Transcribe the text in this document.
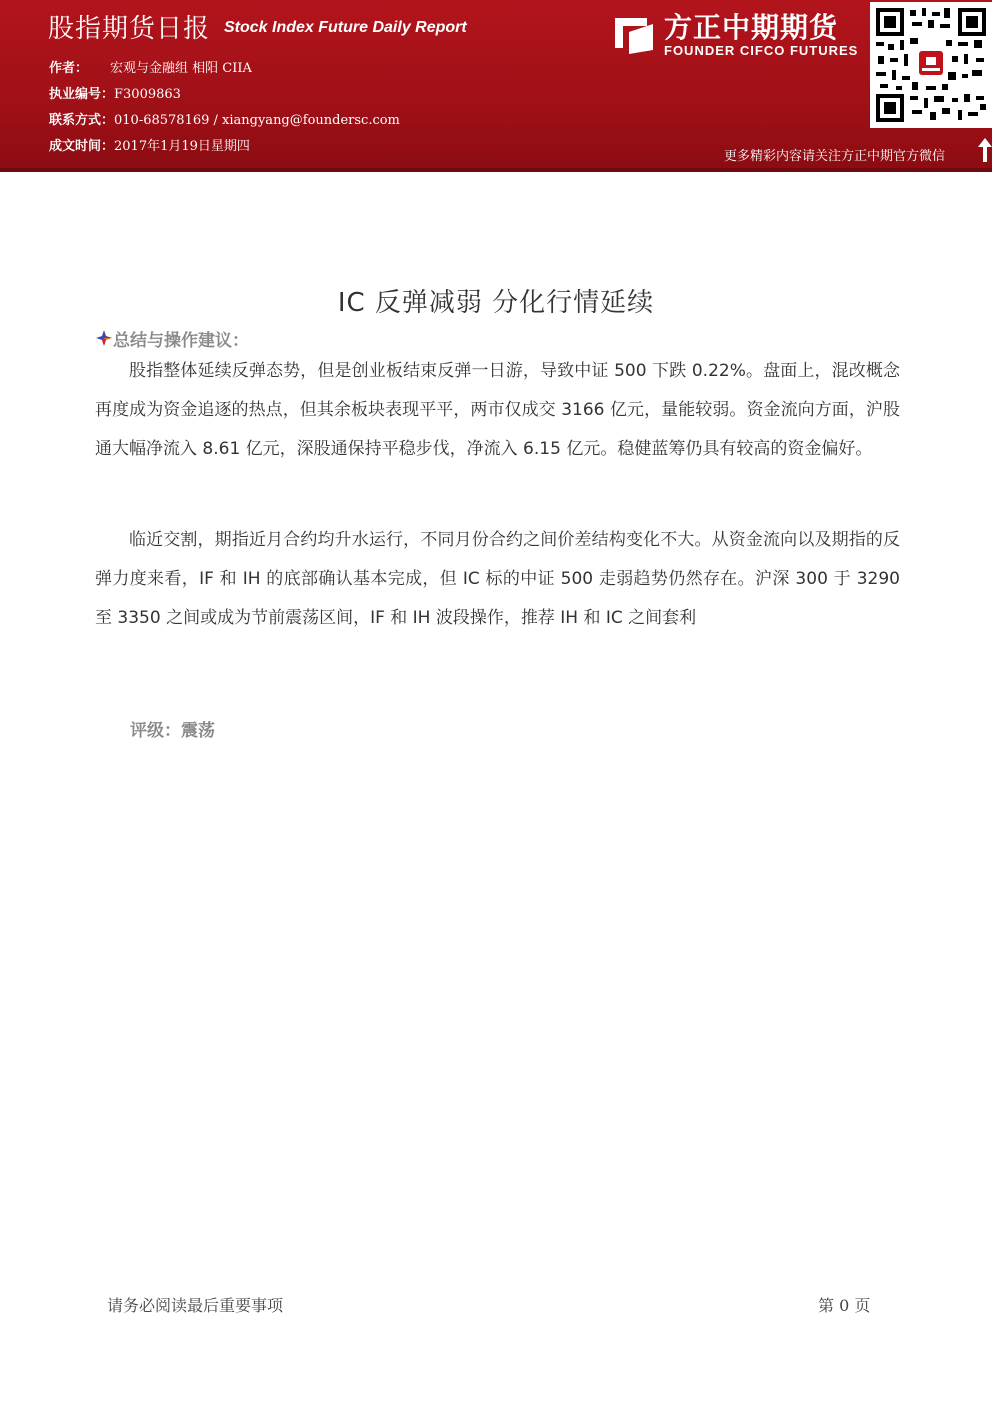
股指期货日报 Stock Index Future Daily Report
作者： 宏观与金融组 相阳 CIIA
执业编号：F3009863
联系方式：010-68578169 / xiangyang@foundersc.com
成文时间：2017年1月19日星期四
方正中期期货
FOUNDER CIFCO FUTURES
更多精彩内容请关注方正中期官方微信
IC 反弹减弱 分化行情延续
总结与操作建议：

股指整体延续反弹态势，但是创业板结束反弹一日游，导致中证 500 下跌 0.22%。盘面上，混改概念再度成为资金追逐的热点，但其余板块表现平平，两市仅成交 3166 亿元，量能较弱。资金流向方面，沪股通大幅净流入 8.61 亿元，深股通保持平稳步伐，净流入 6.15 亿元。稳健蓝筹仍具有较高的资金偏好。

临近交割，期指近月合约均升水运行，不同月份合约之间价差结构变化不大。从资金流向以及期指的反弹力度来看，IF 和 IH 的底部确认基本完成，但 IC 标的中证 500 走弱趋势仍然存在。沪深 300 于 3290 至 3350 之间或成为节前震荡区间，IF 和 IH 波段操作，推荐 IH 和 IC 之间套利

评级：震荡
请务必阅读最后重要事项	第 0 页
